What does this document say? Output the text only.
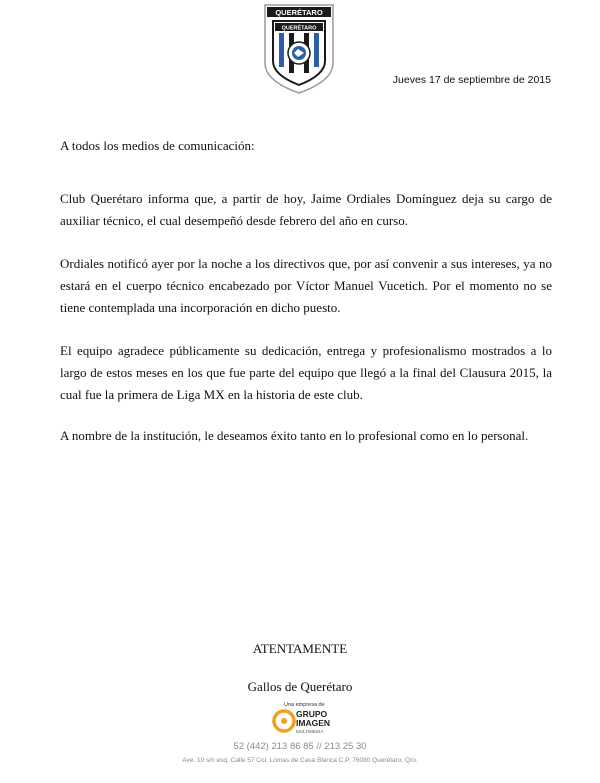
QUERÉTARO
QUERÉTARO
Jueves 17 de septiembre de 2015
A todos los medios de comunicación:

Club Querétaro informa que, a partir de hoy, Jaime Ordiales Domínguez deja su cargo de auxiliar técnico, el cual desempeñó desde febrero del año en curso.

Ordiales notificó ayer por la noche a los directivos que, por así convenir a sus intereses, ya no estará en el cuerpo técnico encabezado por Víctor Manuel Vucetich. Por el momento no se tiene contemplada una incorporación en dicho puesto.

El equipo agradece públicamente su dedicación, entrega y profesionalismo mostrados a lo largo de estos meses en los que fue parte del equipo que llegó a la final del Clausura 2015, la cual fue la primera de Liga MX en la historia de este club.

A nombre de la institución, le deseamos éxito tanto en lo profesional como en lo personal.

ATENTAMENTE
Gallos de Querétaro
Una empresa de
GRUPO
IMAGEN
MULTIMEDIA
52 (442) 213 86 85 // 213 25 30
Ave. 10 s/n esq. Calle 57 Col. Lomas de Casa Blanca C.P. 76080 Querétaro, Qro.
